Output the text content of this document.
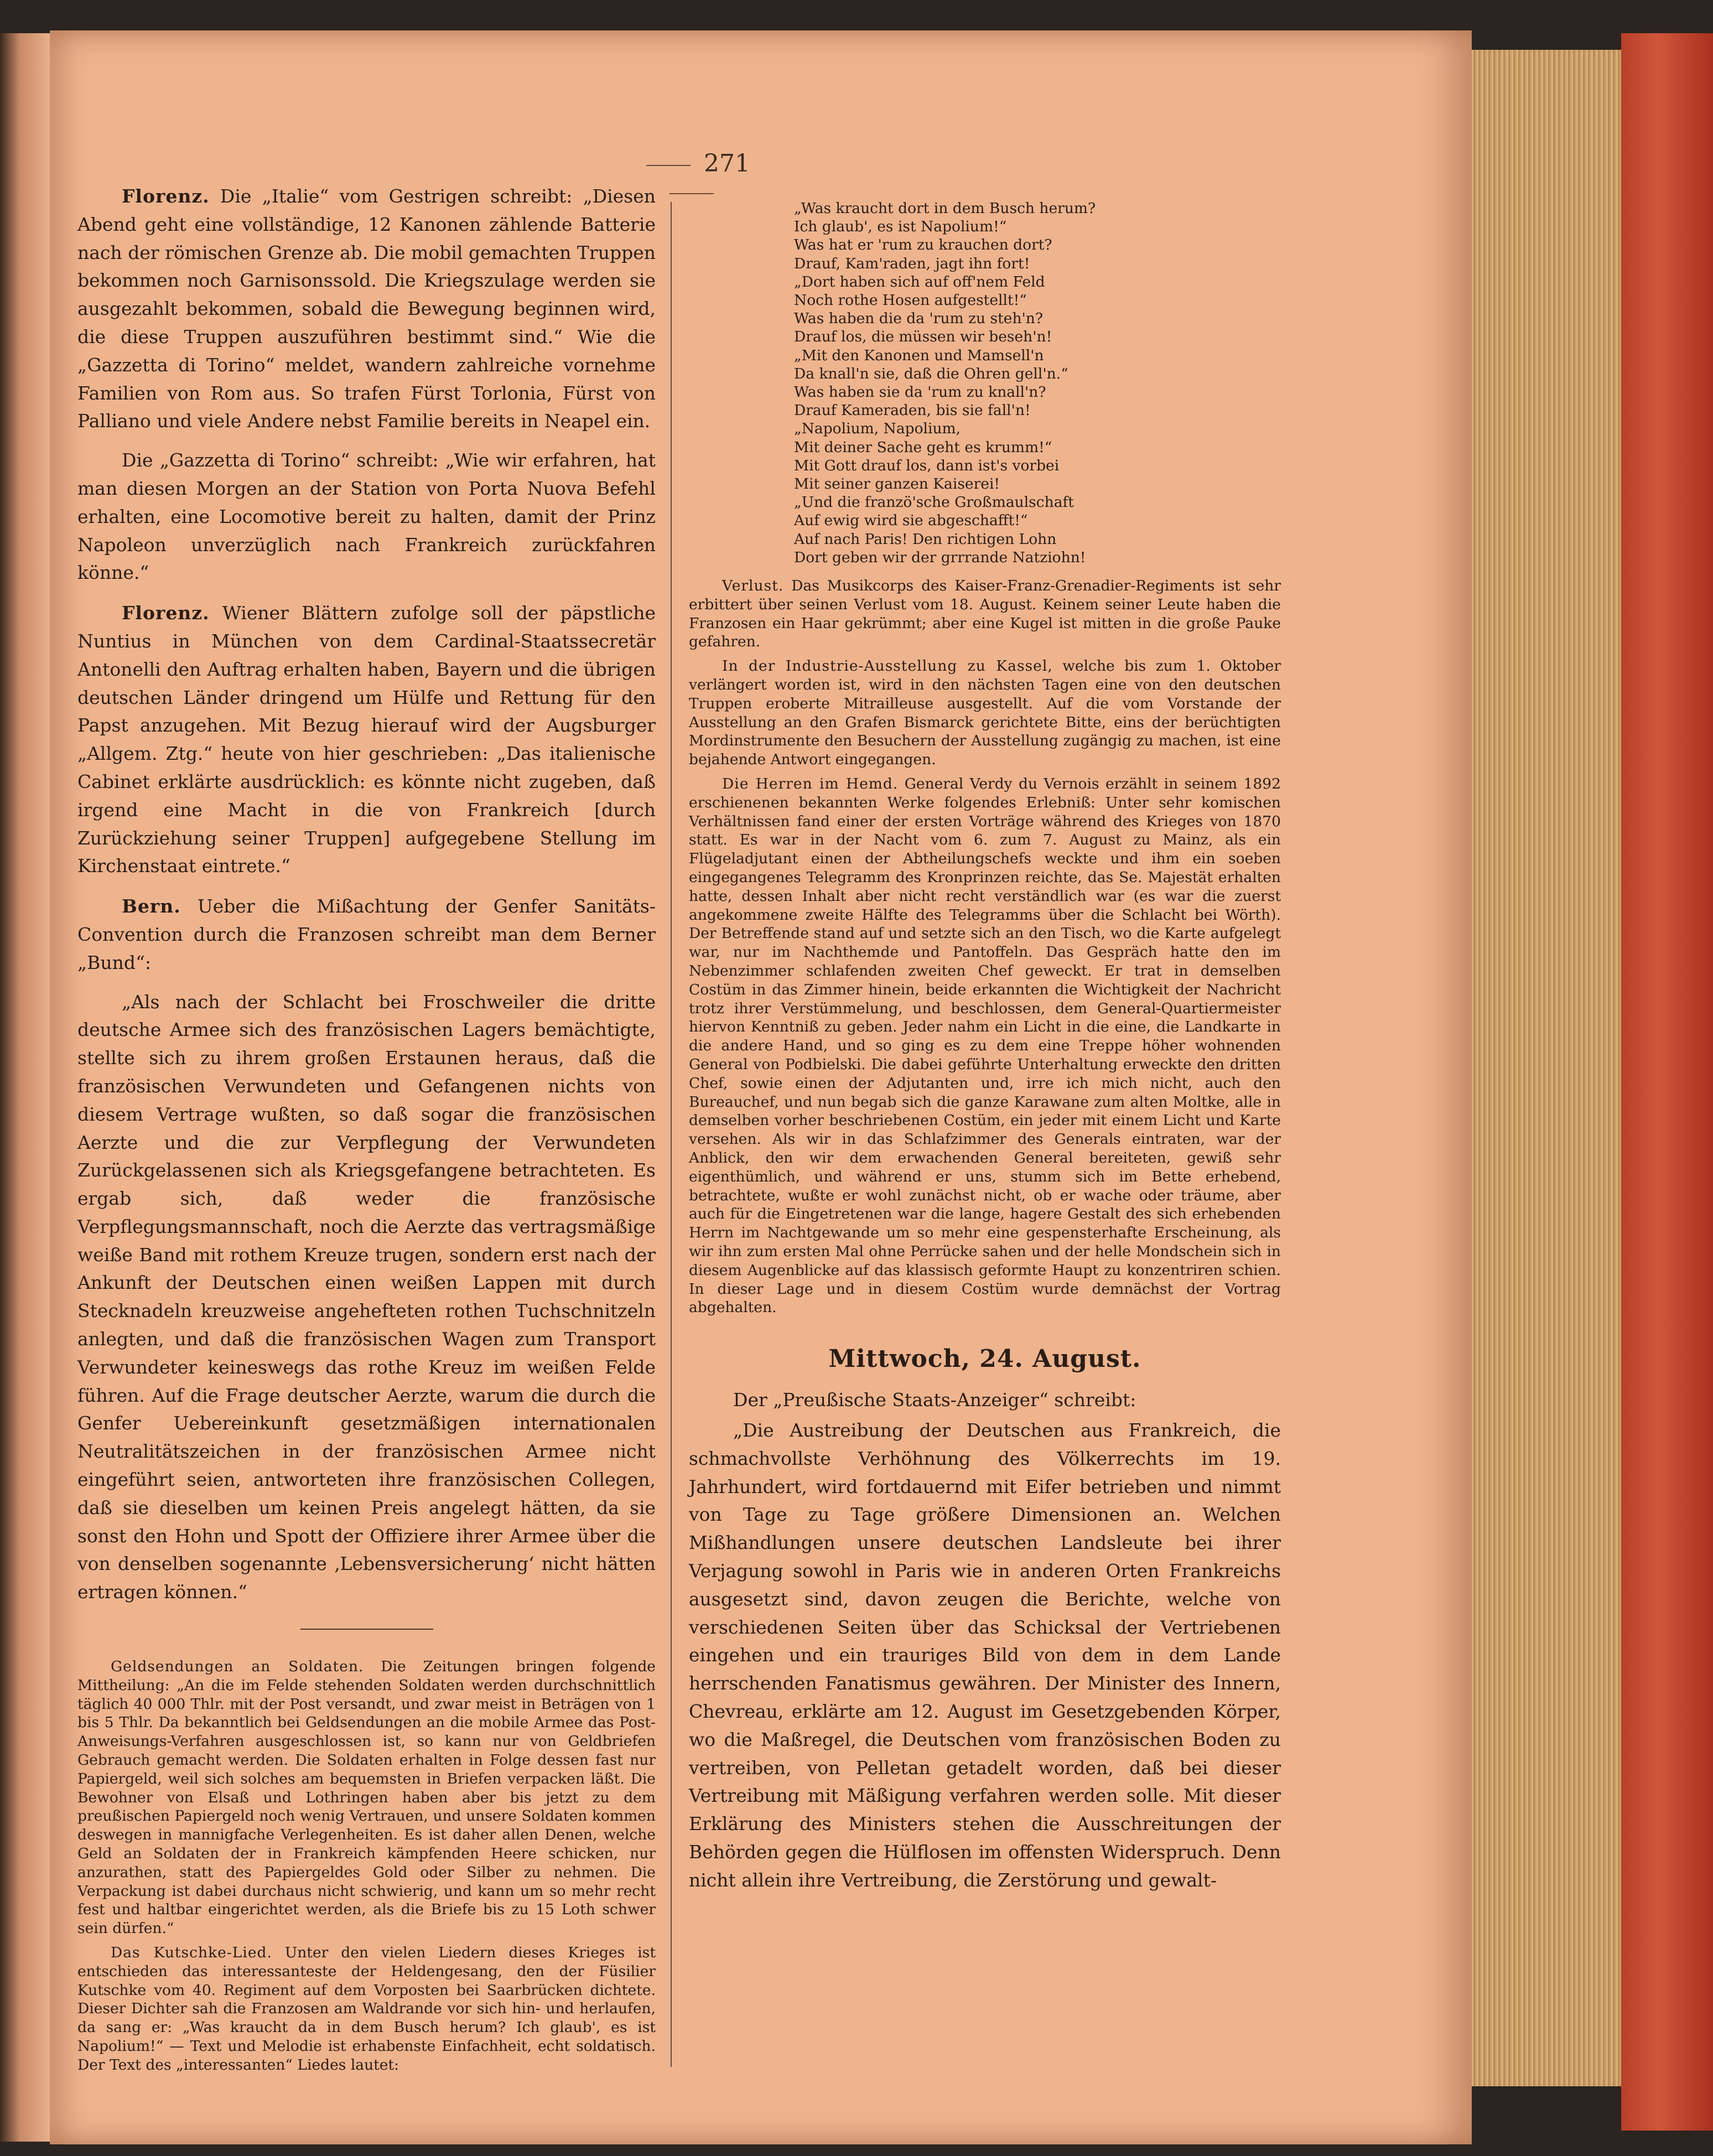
271

Florenz. Die „Italie“ vom Gestrigen schreibt: „Diesen Abend geht eine vollständige, 12 Kanonen zählende Batterie nach der römischen Grenze ab. Die mobil gemachten Truppen bekommen noch Garnisonssold. Die Kriegszulage werden sie ausgezahlt bekommen, sobald die Bewegung beginnen wird, die diese Truppen auszuführen bestimmt sind.“ Wie die „Gazzetta di Torino“ meldet, wandern zahlreiche vornehme Familien von Rom aus. So trafen Fürst Torlonia, Fürst von Palliano und viele Andere nebst Familie bereits in Neapel ein.

Die „Gazzetta di Torino“ schreibt: „Wie wir erfahren, hat man diesen Morgen an der Station von Porta Nuova Befehl erhalten, eine Locomotive bereit zu halten, damit der Prinz Napoleon unverzüglich nach Frankreich zurückfahren könne.“

Florenz. Wiener Blättern zufolge soll der päpstliche Nuntius in München von dem Cardinal-Staatssecretär Antonelli den Auftrag erhalten haben, Bayern und die übrigen deutschen Länder dringend um Hülfe und Rettung für den Papst anzugehen. Mit Bezug hierauf wird der Augsburger „Allgem. Ztg.“ heute von hier geschrieben: „Das italienische Cabinet erklärte ausdrücklich: es könnte nicht zugeben, daß irgend eine Macht in die von Frankreich [durch Zurückziehung seiner Truppen] aufgegebene Stellung im Kirchenstaat eintrete.“

Bern. Ueber die Mißachtung der Genfer Sanitäts-Convention durch die Franzosen schreibt man dem Berner „Bund“:

„Als nach der Schlacht bei Froschweiler die dritte deutsche Armee sich des französischen Lagers bemächtigte, stellte sich zu ihrem großen Erstaunen heraus, daß die französischen Verwundeten und Gefangenen nichts von diesem Vertrage wußten, so daß sogar die französischen Aerzte und die zur Verpflegung der Verwundeten Zurückgelassenen sich als Kriegsgefangene betrachteten. Es ergab sich, daß weder die französische Verpflegungsmannschaft, noch die Aerzte das vertragsmäßige weiße Band mit rothem Kreuze trugen, sondern erst nach der Ankunft der Deutschen einen weißen Lappen mit durch Stecknadeln kreuzweise angehefteten rothen Tuchschnitzeln anlegten, und daß die französischen Wagen zum Transport Verwundeter keineswegs das rothe Kreuz im weißen Felde führen. Auf die Frage deutscher Aerzte, warum die durch die Genfer Uebereinkunft gesetzmäßigen internationalen Neutralitätszeichen in der französischen Armee nicht eingeführt seien, antworteten ihre französischen Collegen, daß sie dieselben um keinen Preis angelegt hätten, da sie sonst den Hohn und Spott der Offiziere ihrer Armee über die von denselben sogenannte ‚Lebensversicherung‘ nicht hätten ertragen können.“

Geldsendungen an Soldaten. Die Zeitungen bringen folgende Mittheilung: „An die im Felde stehenden Soldaten werden durchschnittlich täglich 40 000 Thlr. mit der Post versandt, und zwar meist in Beträgen von 1 bis 5 Thlr. Da bekanntlich bei Geldsendungen an die mobile Armee das Post-Anweisungs-Verfahren ausgeschlossen ist, so kann nur von Geldbriefen Gebrauch gemacht werden. Die Soldaten erhalten in Folge dessen fast nur Papiergeld, weil sich solches am bequemsten in Briefen verpacken läßt. Die Bewohner von Elsaß und Lothringen haben aber bis jetzt zu dem preußischen Papiergeld noch wenig Vertrauen, und unsere Soldaten kommen deswegen in mannigfache Verlegenheiten. Es ist daher allen Denen, welche Geld an Soldaten der in Frankreich kämpfenden Heere schicken, nur anzurathen, statt des Papiergeldes Gold oder Silber zu nehmen. Die Verpackung ist dabei durchaus nicht schwierig, und kann um so mehr recht fest und haltbar eingerichtet werden, als die Briefe bis zu 15 Loth schwer sein dürfen.“

Das Kutschke-Lied. Unter den vielen Liedern dieses Krieges ist entschieden das interessanteste der Heldengesang, den der Füsilier Kutschke vom 40. Regiment auf dem Vorposten bei Saarbrücken dichtete. Dieser Dichter sah die Franzosen am Waldrande vor sich hin- und herlaufen, da sang er: „Was kraucht da in dem Busch herum? Ich glaub', es ist Napolium!“ — Text und Melodie ist erhabenste Einfachheit, echt soldatisch. Der Text des „interessanten“ Liedes lautet:

„Was kraucht dort in dem Busch herum?
Ich glaub', es ist Napolium!“
Was hat er 'rum zu krauchen dort?
Drauf, Kam'raden, jagt ihn fort!
„Dort haben sich auf off'nem Feld
Noch rothe Hosen aufgestellt!“
Was haben die da 'rum zu steh'n?
Drauf los, die müssen wir beseh'n!
„Mit den Kanonen und Mamsell'n
Da knall'n sie, daß die Ohren gell'n.“
Was haben sie da 'rum zu knall'n?
Drauf Kameraden, bis sie fall'n!
„Napolium, Napolium,
Mit deiner Sache geht es krumm!“
Mit Gott drauf los, dann ist's vorbei
Mit seiner ganzen Kaiserei!
„Und die franzö'sche Großmaulschaft
Auf ewig wird sie abgeschafft!“
Auf nach Paris! Den richtigen Lohn
Dort geben wir der grrrande Natziohn!

Verlust. Das Musikcorps des Kaiser-Franz-Grenadier-Regiments ist sehr erbittert über seinen Verlust vom 18. August. Keinem seiner Leute haben die Franzosen ein Haar gekrümmt; aber eine Kugel ist mitten in die große Pauke gefahren.

In der Industrie-Ausstellung zu Kassel, welche bis zum 1. Oktober verlängert worden ist, wird in den nächsten Tagen eine von den deutschen Truppen eroberte Mitrailleuse ausgestellt. Auf die vom Vorstande der Ausstellung an den Grafen Bismarck gerichtete Bitte, eins der berüchtigten Mordinstrumente den Besuchern der Ausstellung zugängig zu machen, ist eine bejahende Antwort eingegangen.

Die Herren im Hemd. General Verdy du Vernois erzählt in seinem 1892 erschienenen bekannten Werke folgendes Erlebniß: Unter sehr komischen Verhältnissen fand einer der ersten Vorträge während des Krieges von 1870 statt. Es war in der Nacht vom 6. zum 7. August zu Mainz, als ein Flügeladjutant einen der Abtheilungschefs weckte und ihm ein soeben eingegangenes Telegramm des Kronprinzen reichte, das Se. Majestät erhalten hatte, dessen Inhalt aber nicht recht verständlich war (es war die zuerst angekommene zweite Hälfte des Telegramms über die Schlacht bei Wörth). Der Betreffende stand auf und setzte sich an den Tisch, wo die Karte aufgelegt war, nur im Nachthemde und Pantoffeln. Das Gespräch hatte den im Nebenzimmer schlafenden zweiten Chef geweckt. Er trat in demselben Costüm in das Zimmer hinein, beide erkannten die Wichtigkeit der Nachricht trotz ihrer Verstümmelung, und beschlossen, dem General-Quartiermeister hiervon Kenntniß zu geben. Jeder nahm ein Licht in die eine, die Landkarte in die andere Hand, und so ging es zu dem eine Treppe höher wohnenden General von Podbielski. Die dabei geführte Unterhaltung erweckte den dritten Chef, sowie einen der Adjutanten und, irre ich mich nicht, auch den Bureauchef, und nun begab sich die ganze Karawane zum alten Moltke, alle in demselben vorher beschriebenen Costüm, ein jeder mit einem Licht und Karte versehen. Als wir in das Schlafzimmer des Generals eintraten, war der Anblick, den wir dem erwachenden General bereiteten, gewiß sehr eigenthümlich, und während er uns, stumm sich im Bette erhebend, betrachtete, wußte er wohl zunächst nicht, ob er wache oder träume, aber auch für die Eingetretenen war die lange, hagere Gestalt des sich erhebenden Herrn im Nachtgewande um so mehr eine gespensterhafte Erscheinung, als wir ihn zum ersten Mal ohne Perrücke sahen und der helle Mondschein sich in diesem Augenblicke auf das klassisch geformte Haupt zu konzentriren schien. In dieser Lage und in diesem Costüm wurde demnächst der Vortrag abgehalten.

Mittwoch, 24. August.

Der „Preußische Staats-Anzeiger“ schreibt:

„Die Austreibung der Deutschen aus Frankreich, die schmachvollste Verhöhnung des Völkerrechts im 19. Jahrhundert, wird fortdauernd mit Eifer betrieben und nimmt von Tage zu Tage größere Dimensionen an. Welchen Mißhandlungen unsere deutschen Landsleute bei ihrer Verjagung sowohl in Paris wie in anderen Orten Frankreichs ausgesetzt sind, davon zeugen die Berichte, welche von verschiedenen Seiten über das Schicksal der Vertriebenen eingehen und ein trauriges Bild von dem in dem Lande herrschenden Fanatismus gewähren. Der Minister des Innern, Chevreau, erklärte am 12. August im Gesetzgebenden Körper, wo die Maßregel, die Deutschen vom französischen Boden zu vertreiben, von Pelletan getadelt worden, daß bei dieser Vertreibung mit Mäßigung verfahren werden solle. Mit dieser Erklärung des Ministers stehen die Ausschreitungen der Behörden gegen die Hülflosen im offensten Widerspruch. Denn nicht allein ihre Vertreibung, die Zerstörung und gewalt-
